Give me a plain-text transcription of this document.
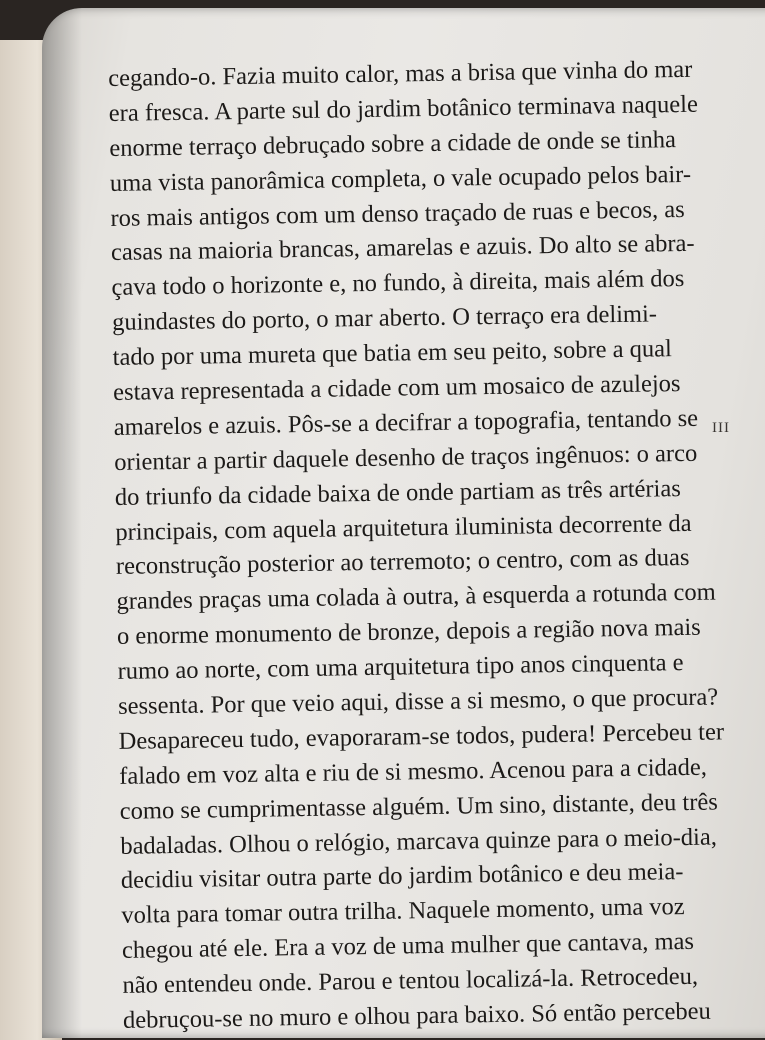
cegando-o. Fazia muito calor, mas a brisa que vinha do mar
era fresca. A parte sul do jardim botânico terminava naquele
enorme terraço debruçado sobre a cidade de onde se tinha
uma vista panorâmica completa, o vale ocupado pelos bair-
ros mais antigos com um denso traçado de ruas e becos, as
casas na maioria brancas, amarelas e azuis. Do alto se abra-
çava todo o horizonte e, no fundo, à direita, mais além dos
guindastes do porto, o mar aberto. O terraço era delimi-
tado por uma mureta que batia em seu peito, sobre a qual
estava representada a cidade com um mosaico de azulejos
amarelos e azuis. Pôs-se a decifrar a topografia, tentando se
orientar a partir daquele desenho de traços ingênuos: o arco
do triunfo da cidade baixa de onde partiam as três artérias
principais, com aquela arquitetura iluminista decorrente da
reconstrução posterior ao terremoto; o centro, com as duas
grandes praças uma colada à outra, à esquerda a rotunda com
o enorme monumento de bronze, depois a região nova mais
rumo ao norte, com uma arquitetura tipo anos cinquenta e
sessenta. Por que veio aqui, disse a si mesmo, o que procura?
Desapareceu tudo, evaporaram-se todos, pudera! Percebeu ter
falado em voz alta e riu de si mesmo. Acenou para a cidade,
como se cumprimentasse alguém. Um sino, distante, deu três
badaladas. Olhou o relógio, marcava quinze para o meio-dia,
decidiu visitar outra parte do jardim botânico e deu meia-
volta para tomar outra trilha. Naquele momento, uma voz
chegou até ele. Era a voz de uma mulher que cantava, mas
não entendeu onde. Parou e tentou localizá-la. Retrocedeu,
debruçou-se no muro e olhou para baixo. Só então percebeu
III
